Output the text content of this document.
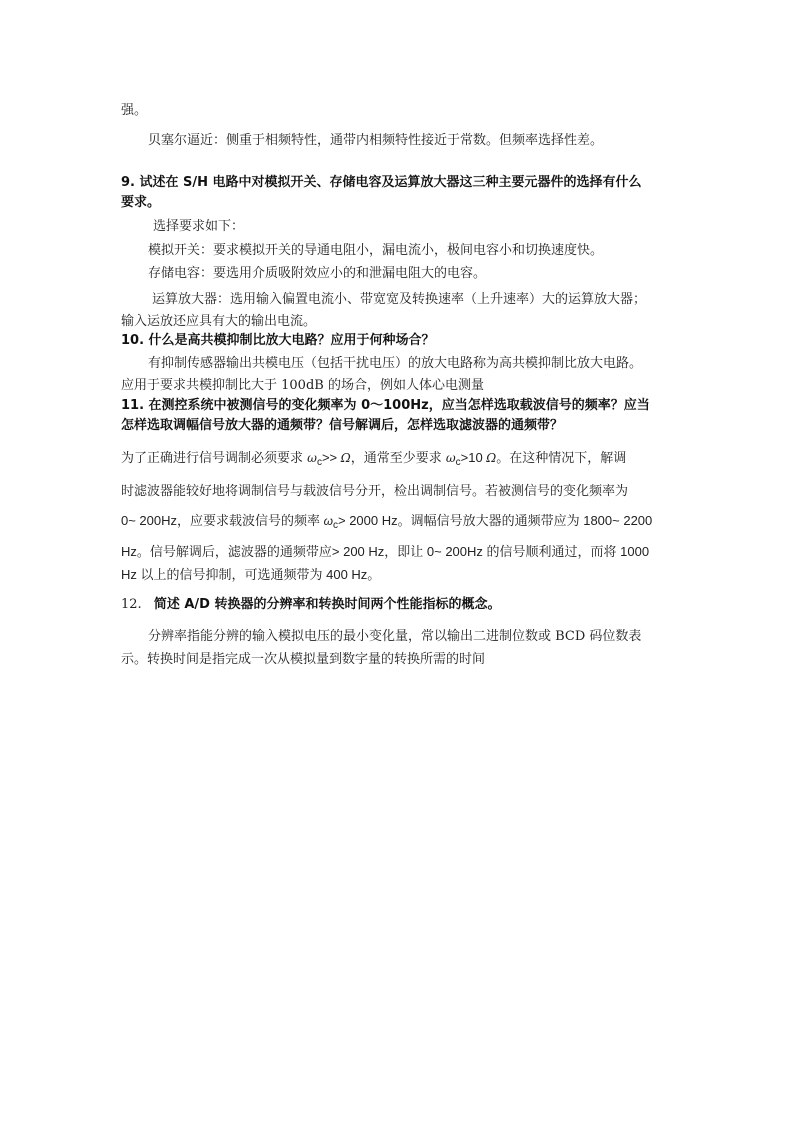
强。
贝塞尔逼近：侧重于相频特性，通带内相频特性接近于常数。但频率选择性差。
9. 试述在 S/H 电路中对模拟开关、存储电容及运算放大器这三种主要元器件的选择有什么
要求。
选择要求如下：
模拟开关：要求模拟开关的导通电阻小，漏电流小，极间电容小和切换速度快。
存储电容：要选用介质吸附效应小的和泄漏电阻大的电容。
运算放大器：选用输入偏置电流小、带宽宽及转换速率（上升速率）大的运算放大器；
输入运放还应具有大的输出电流。
10. 什么是高共模抑制比放大电路？应用于何种场合？
有抑制传感器输出共模电压（包括干扰电压）的放大电路称为高共模抑制比放大电路。
应用于要求共模抑制比大于 100dB 的场合，例如人体心电测量
11. 在测控系统中被测信号的变化频率为 0～100Hz，应当怎样选取载波信号的频率？应当
怎样选取调幅信号放大器的通频带？信号解调后，怎样选取滤波器的通频带？
为了正确进行信号调制必须要求 $\omega_c>> \Omega$，通常至少要求 $\omega_c>10$ Ω。在这种情况下，解调
时滤波器能较好地将调制信号与载波信号分开，检出调制信号。若被测信号的变化频率为
0~ 200Hz，应要求载波信号的频率 $\omega_c> 2000$ Hz。调幅信号放大器的通频带应为 1800~ 2200
Hz。信号解调后，滤波器的通频带应> 200 Hz，即让 0~ 200Hz 的信号顺利通过，而将 1000
Hz 以上的信号抑制，可选通频带为 400 Hz。
12. 简述 A/D 转换器的分辨率和转换时间两个性能指标的概念。
分辨率指能分辨的输入模拟电压的最小变化量，常以输出二进制位数或 BCD 码位数表
示。转换时间是指完成一次从模拟量到数字量的转换所需的时间
